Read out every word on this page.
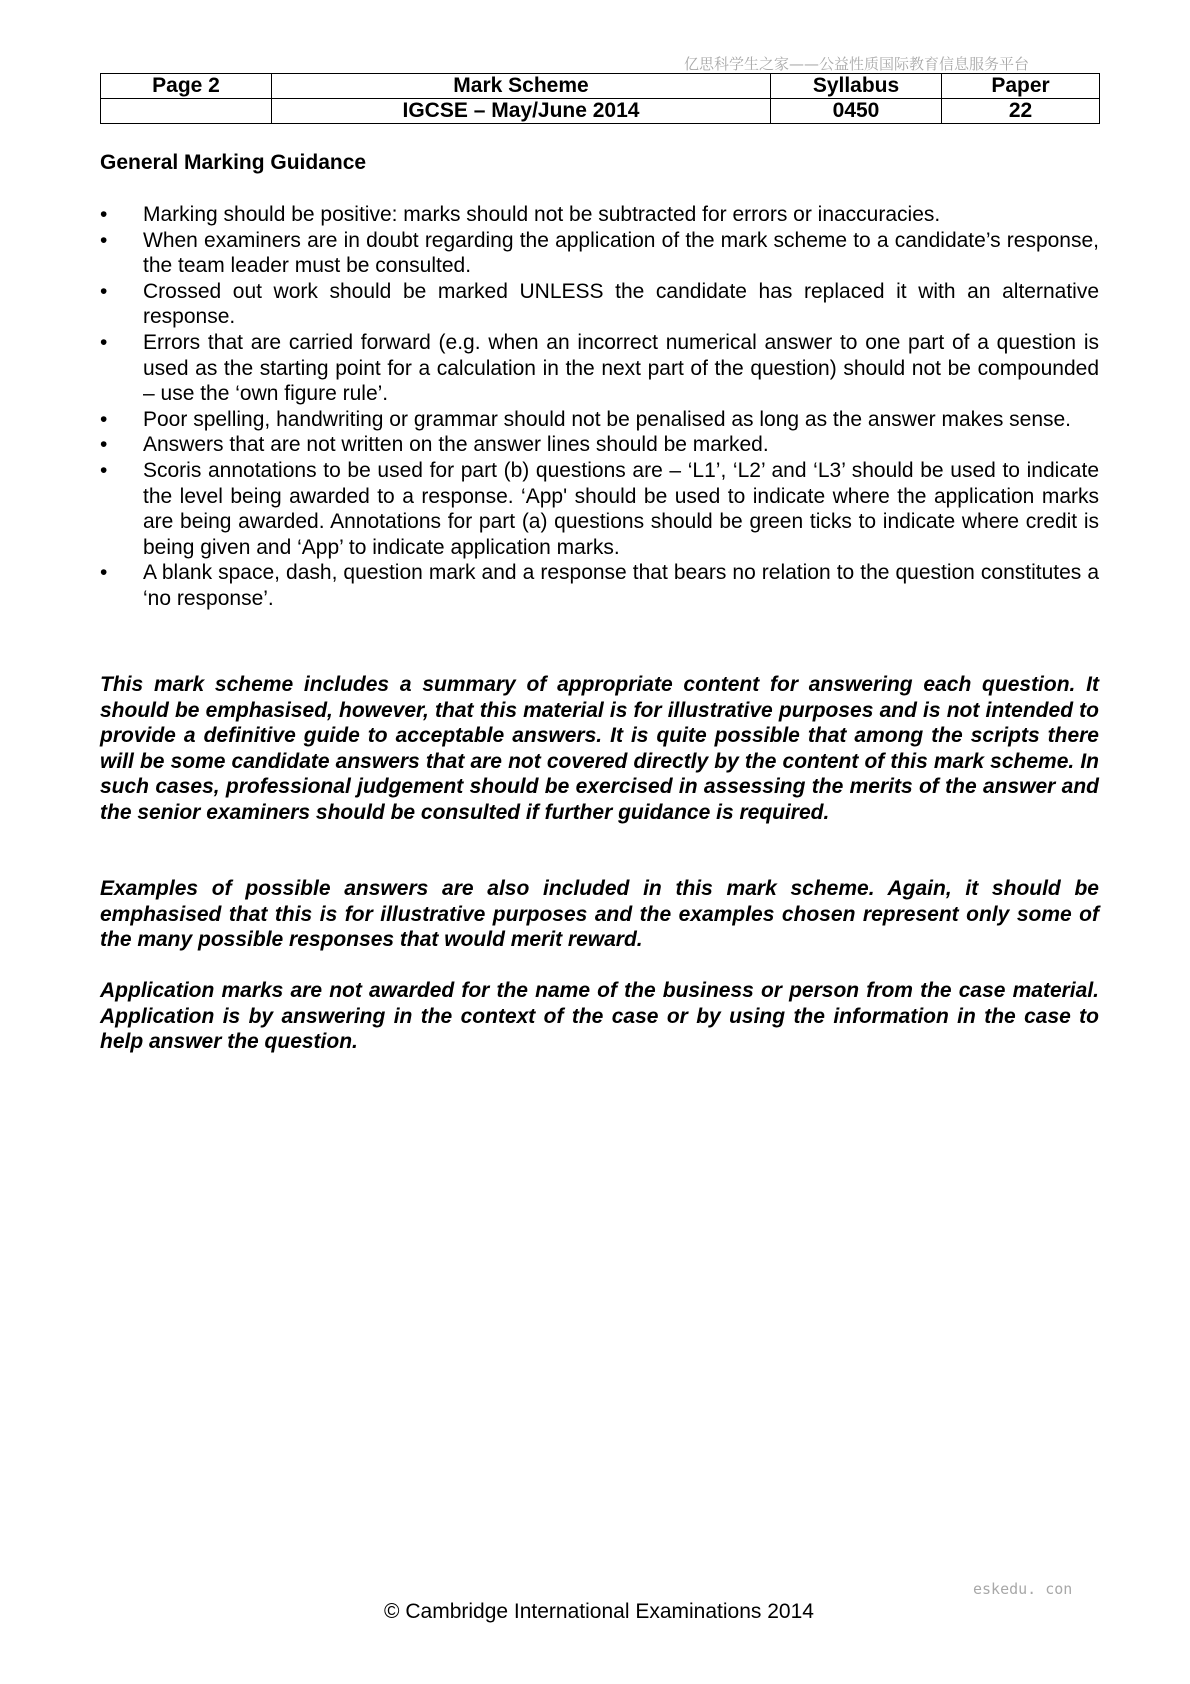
亿思科学生之家——公益性质国际教育信息服务平台
Page 2	Mark Scheme	Syllabus	Paper
	IGCSE – May/June 2014	0450	22
General Marking Guidance
• Marking should be positive: marks should not be subtracted for errors or inaccuracies.
• When examiners are in doubt regarding the application of the mark scheme to a candidate’s response, the team leader must be consulted.
• Crossed out work should be marked UNLESS the candidate has replaced it with an alternative response.
• Errors that are carried forward (e.g. when an incorrect numerical answer to one part of a question is used as the starting point for a calculation in the next part of the question) should not be compounded – use the ‘own figure rule’.
• Poor spelling, handwriting or grammar should not be penalised as long as the answer makes sense.
• Answers that are not written on the answer lines should be marked.
• Scoris annotations to be used for part (b) questions are – ‘L1’, ‘L2’ and ‘L3’ should be used to indicate the level being awarded to a response. ‘App' should be used to indicate where the application marks are being awarded. Annotations for part (a) questions should be green ticks to indicate where credit is being given and ‘App’ to indicate application marks.
• A blank space, dash, question mark and a response that bears no relation to the question constitutes a ‘no response’.
This mark scheme includes a summary of appropriate content for answering each question. It should be emphasised, however, that this material is for illustrative purposes and is not intended to provide a definitive guide to acceptable answers. It is quite possible that among the scripts there will be some candidate answers that are not covered directly by the content of this mark scheme. In such cases, professional judgement should be exercised in assessing the merits of the answer and the senior examiners should be consulted if further guidance is required.
Examples of possible answers are also included in this mark scheme. Again, it should be emphasised that this is for illustrative purposes and the examples chosen represent only some of the many possible responses that would merit reward.
Application marks are not awarded for the name of the business or person from the case material. Application is by answering in the context of the case or by using the information in the case to help answer the question.
eskedu. con
© Cambridge International Examinations 2014
